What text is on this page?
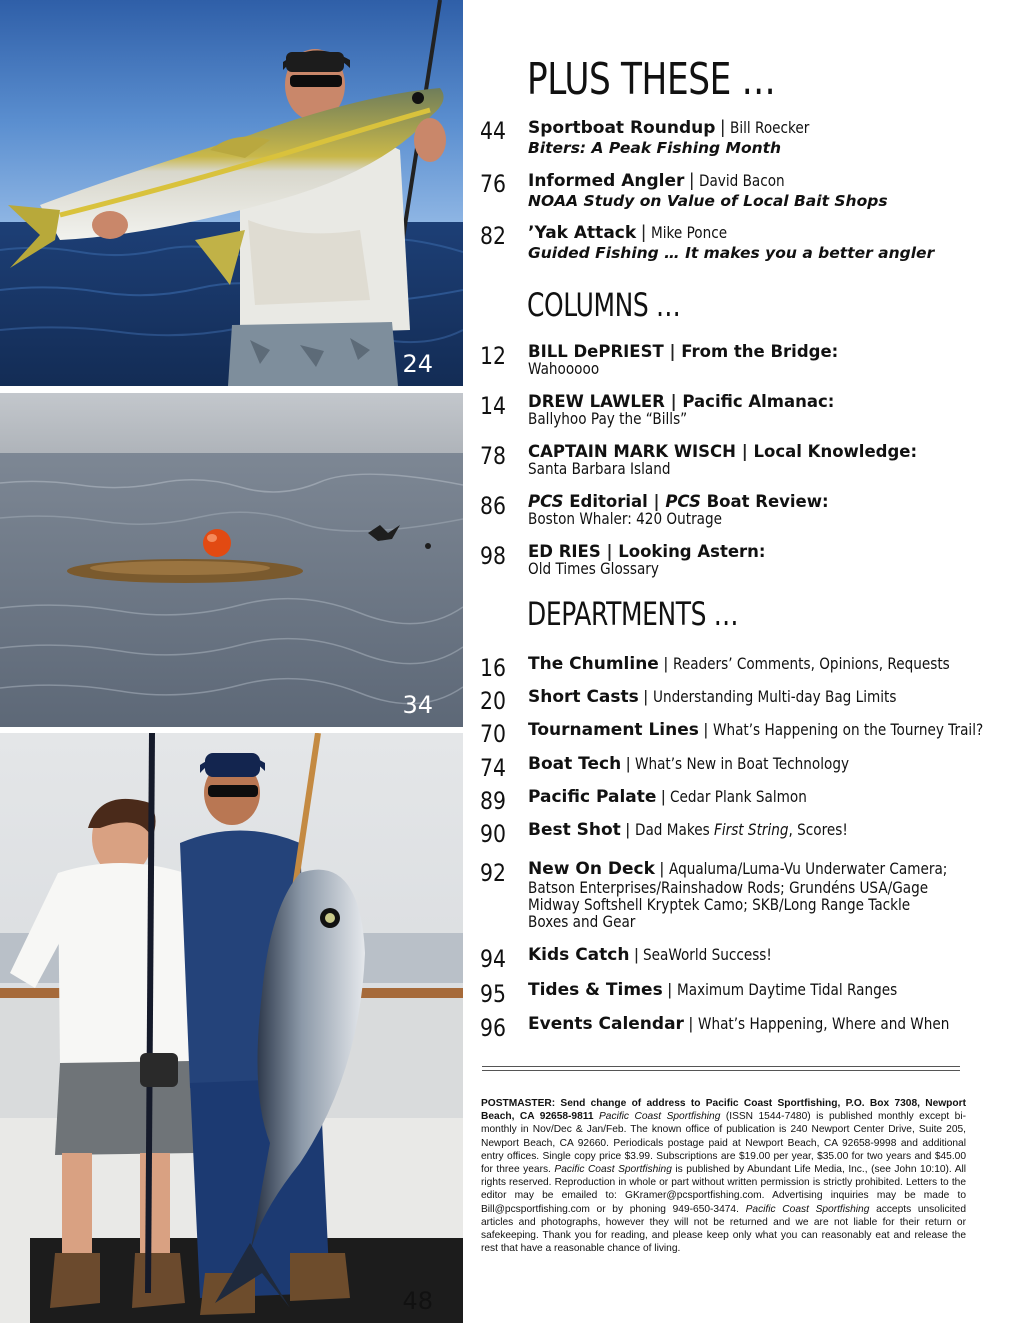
24
34
48
PLUS THESE …
COLUMNS …
DEPARTMENTS …
44	Sportboat Roundup | Bill Roecker
Biters: A Peak Fishing Month
76	Informed Angler | David Bacon
NOAA Study on Value of Local Bait Shops
82	’Yak Attack | Mike Ponce
Guided Fishing … It makes you a better angler
12	BILL DePRIEST | From the Bridge:
Wahooooo
14	DREW LAWLER | Pacific Almanac:
Ballyhoo Pay the “Bills”
78	CAPTAIN MARK WISCH | Local Knowledge:
Santa Barbara Island
86	PCS Editorial | PCS Boat Review:
Boston Whaler: 420 Outrage
98	ED RIES | Looking Astern:
Old Times Glossary
16	The Chumline | Readers’ Comments, Opinions, Requests
20	Short Casts | Understanding Multi-day Bag Limits
70	Tournament Lines | What’s Happening on the Tourney Trail?
74	Boat Tech | What’s New in Boat Technology
89	Pacific Palate | Cedar Plank Salmon
90	Best Shot | Dad Makes First String, Scores!
92	New On Deck | Aqualuma/Luma-Vu Underwater Camera;
Batson Enterprises/Rainshadow Rods; Grundéns USA/Gage
Midway Softshell Kryptek Camo; SKB/Long Range Tackle
Boxes and Gear
94	Kids Catch | SeaWorld Success!
95	Tides & Times | Maximum Daytime Tidal Ranges
96	Events Calendar | What’s Happening, Where and When
POSTMASTER: Send change of address to Pacific Coast Sportfishing, P.O. Box 7308, Newport Beach, CA 92658-9811 Pacific Coast Sportfishing (ISSN 1544-7480) is published monthly except bi-monthly in Nov/Dec & Jan/Feb. The known office of publication is 240 Newport Center Drive, Suite 205, Newport Beach, CA 92660. Periodicals postage paid at Newport Beach, CA 92658-9998 and additional entry offices. Single copy price $3.99. Subscriptions are $19.00 per year, $35.00 for two years and $45.00 for three years. Pacific Coast Sportfishing is published by Abundant Life Media, Inc., (see John 10:10). All rights reserved. Reproduction in whole or part without written permission is strictly prohibited. Letters to the editor may be emailed to: GKramer@pcsportfishing.com. Advertising inquiries may be made to Bill@pcsportfishing.com or by phoning 949-650-3474. Pacific Coast Sportfishing accepts unsolicited articles and photographs, however they will not be returned and we are not liable for their return or safekeeping. Thank you for reading, and please keep only what you can reasonably eat and release the rest that have a reasonable chance of living.
